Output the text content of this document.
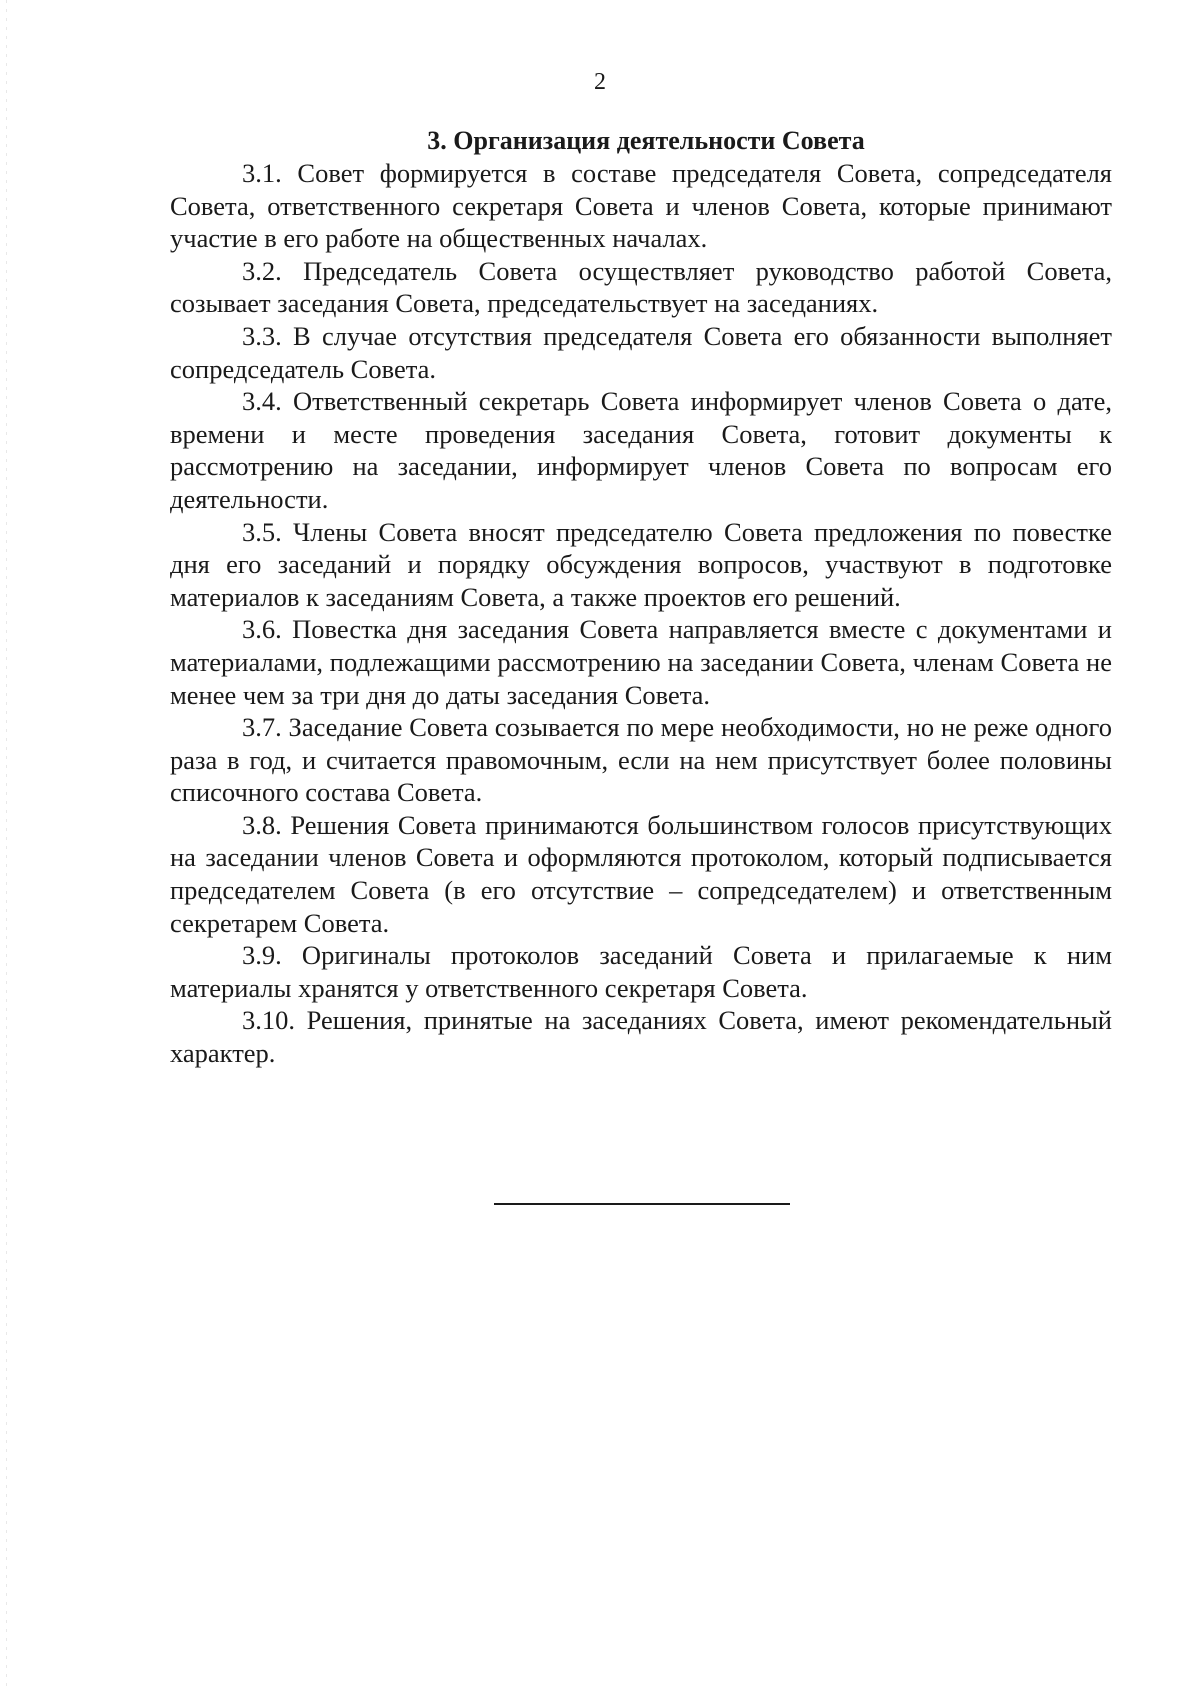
2
3. Организация деятельности Совета

3.1. Совет формируется в составе председателя Совета, сопредседателя Совета, ответственного секретаря Совета и членов Совета, которые принимают участие в его работе на общественных началах.

3.2. Председатель Совета осуществляет руководство работой Совета, созывает заседания Совета, председательствует на заседаниях.

3.3. В случае отсутствия председателя Совета его обязанности выполняет сопредседатель Совета.

3.4. Ответственный секретарь Совета информирует членов Совета о дате, времени и месте проведения заседания Совета, готовит документы к рассмотрению на заседании, информирует членов Совета по вопросам его деятельности.

3.5. Члены Совета вносят председателю Совета предложения по повестке дня его заседаний и порядку обсуждения вопросов, участвуют в подготовке материалов к заседаниям Совета, а также проектов его решений.

3.6. Повестка дня заседания Совета направляется вместе с документами и материалами, подлежащими рассмотрению на заседании Совета, членам Совета не менее чем за три дня до даты заседания Совета.

3.7. Заседание Совета созывается по мере необходимости, но не реже одного раза в год, и считается правомочным, если на нем присутствует более половины списочного состава Совета.

3.8. Решения Совета принимаются большинством голосов присутствующих на заседании членов Совета и оформляются протоколом, который подписывается председателем Совета (в его отсутствие – сопредседателем) и ответственным секретарем Совета.

3.9. Оригиналы протоколов заседаний Совета и прилагаемые к ним материалы хранятся у ответственного секретаря Совета.

3.10. Решения, принятые на заседаниях Совета, имеют рекомендательный характер.
